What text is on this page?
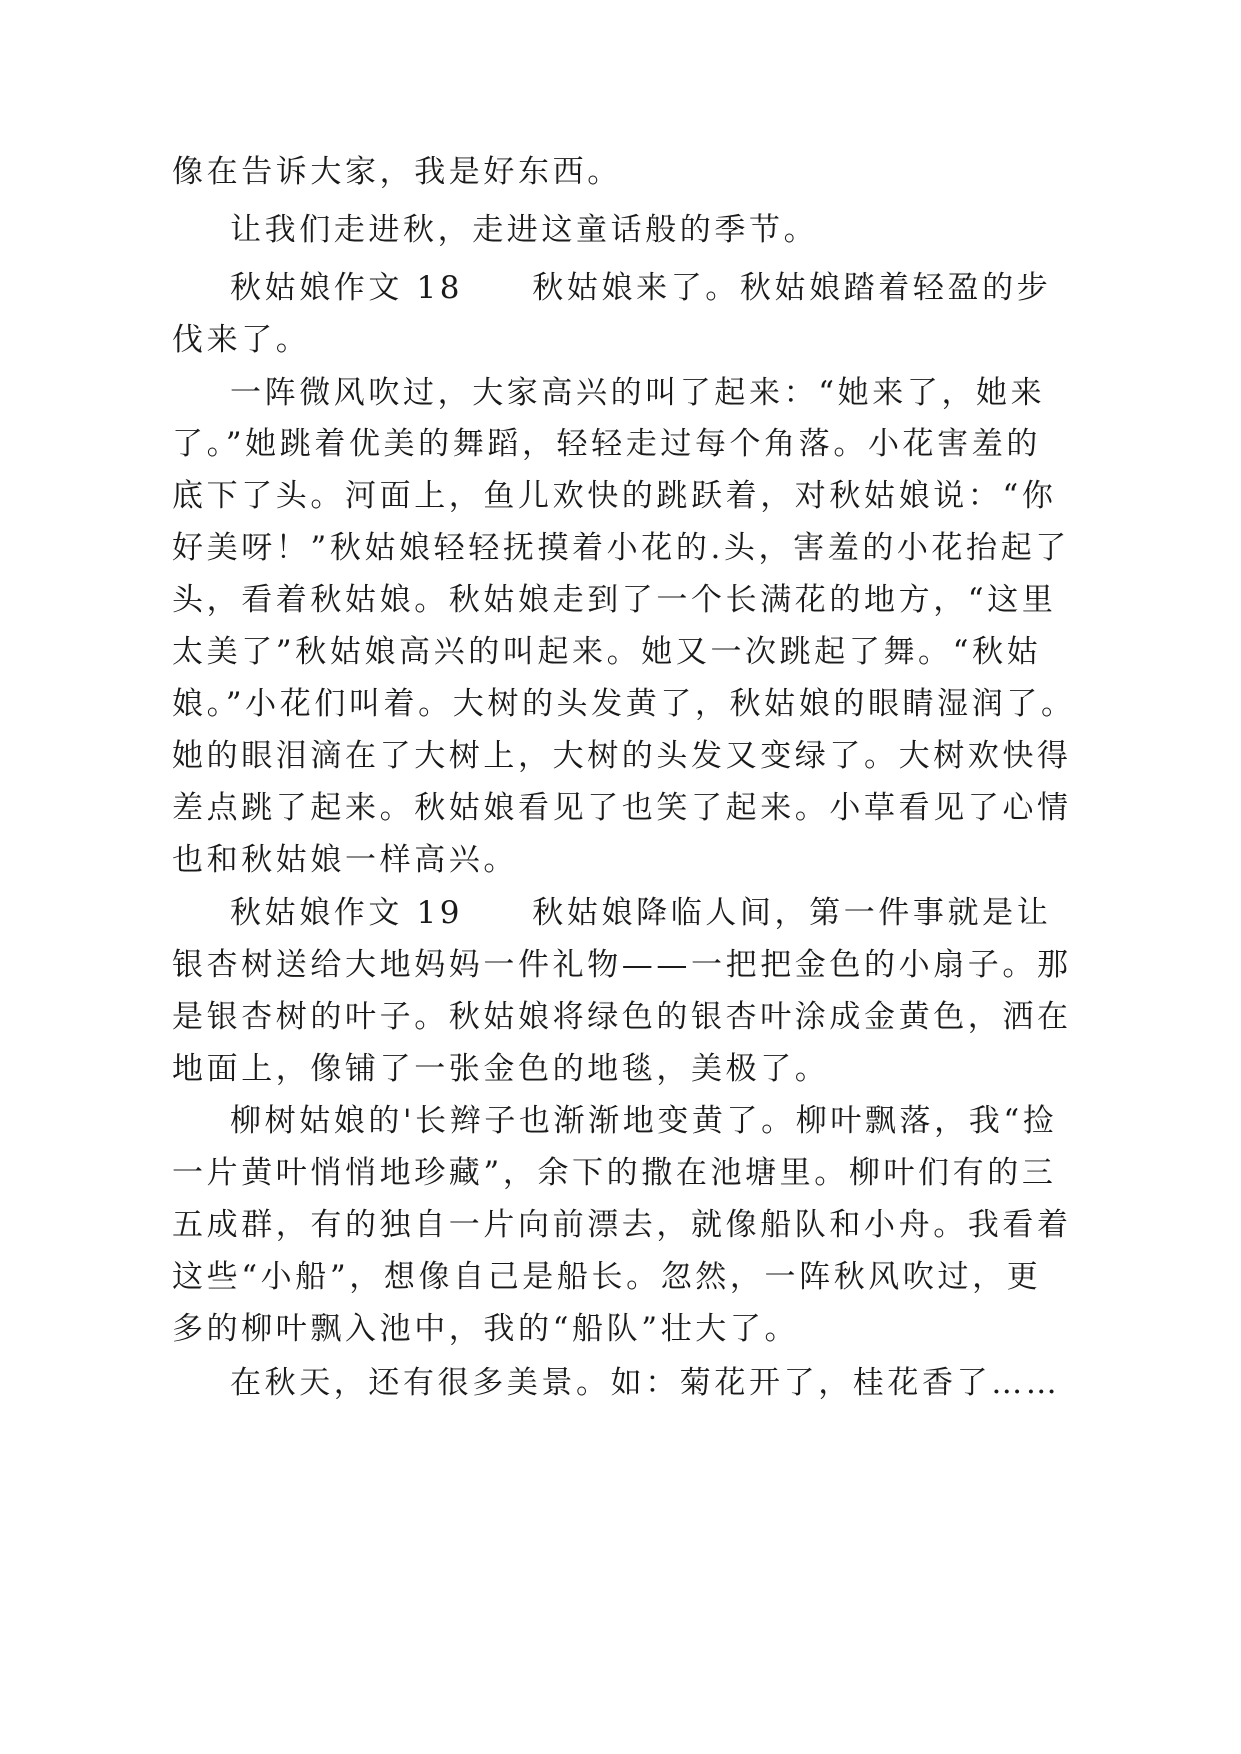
像在告诉大家，我是好东西。
让我们走进秋，走进这童话般的季节。
秋姑娘作文 18　　秋姑娘来了。秋姑娘踏着轻盈的步
伐来了。
一阵微风吹过，大家高兴的叫了起来：“她来了，她来
了。”她跳着优美的舞蹈，轻轻走过每个角落。小花害羞的
底下了头。河面上，鱼儿欢快的跳跃着，对秋姑娘说：“你
好美呀！”秋姑娘轻轻抚摸着小花的.头，害羞的小花抬起了
头，看着秋姑娘。秋姑娘走到了一个长满花的地方，“这里
太美了”秋姑娘高兴的叫起来。她又一次跳起了舞。“秋姑
娘。”小花们叫着。大树的头发黄了，秋姑娘的眼睛湿润了。
她的眼泪滴在了大树上，大树的头发又变绿了。大树欢快得
差点跳了起来。秋姑娘看见了也笑了起来。小草看见了心情
也和秋姑娘一样高兴。
秋姑娘作文 19　　秋姑娘降临人间，第一件事就是让
银杏树送给大地妈妈一件礼物——一把把金色的小扇子。那
是银杏树的叶子。秋姑娘将绿色的银杏叶涂成金黄色，洒在
地面上，像铺了一张金色的地毯，美极了。
柳树姑娘的'长辫子也渐渐地变黄了。柳叶飘落，我“捡
一片黄叶悄悄地珍藏”，余下的撒在池塘里。柳叶们有的三
五成群，有的独自一片向前漂去，就像船队和小舟。我看着
这些“小船”，想像自己是船长。忽然，一阵秋风吹过，更
多的柳叶飘入池中，我的“船队”壮大了。
在秋天，还有很多美景。如：菊花开了，桂花香了……
